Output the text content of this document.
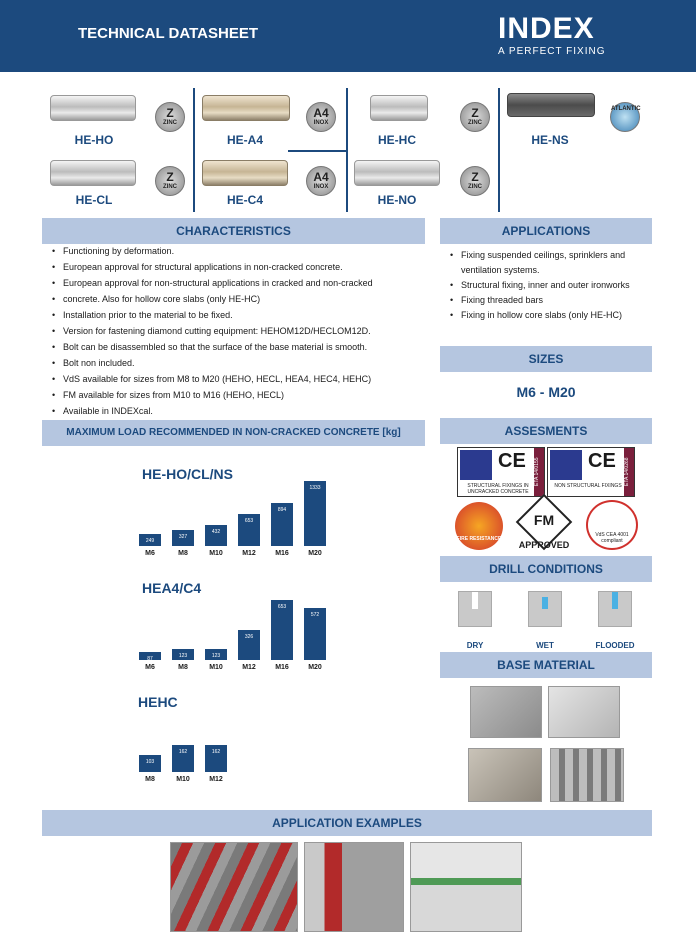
TECHNICAL DATASHEET	INDEX
A PERFECT FIXING
Z
ZINC
HE-HO
A4
INOX
HE-A4
Z
ZINC
HE-HC
ATLANTIC
HE-NS
Z
ZINC
HE-CL
A4
INOX
HE-C4
Z
ZINC
HE-NO
CHARACTERISTICS
• Functioning by deformation.
• European approval for structural applications in non-cracked concrete.
• European approval for non-structural applications in cracked and non-cracked
• concrete. Also for hollow core slabs (only HE-HC)
• Installation prior to the material to be fixed.
• Version for fastening diamond cutting equipment: HEHOM12D/HECLOM12D.
• Bolt can be disassembled so that the surface of the base material is smooth.
• Bolt non included.
• VdS available for sizes from M8 to M20 (HEHO, HECL, HEA4, HEC4, HEHC)
• FM available for sizes from M10 to M16 (HEHO, HECL)
• Available in INDEXcal.
APPLICATIONS
• Fixing suspended ceilings, sprinklers and ventilation systems.
• Structural fixing, inner and outer ironworks
• Fixing threaded bars
• Fixing in hollow core slabs (only HE-HC)
SIZES
M6 - M20
MAXIMUM LOAD RECOMMENDED IN NON-CRACKED CONCRETE [kg]
HE-HO/CL/NS
249
M6
327
M8
432
M10
653
M12
894
M16
1333
M20
HEA4/C4
87
M6
123
M8
123
M10
326
M12
653
M16
572
M20
HEHC
103
M8
162
M10
162
M12
ASSESMENTS
CE
STRUCTURAL FIXINGS IN UNCRACKED CONCRETE
ETA 14/0155 CE
NON STRUCTURAL FIXINGS ETA 14/0268
FIRE RESISTANCE
FM
APPROVED
VdS CEA 4001 compliant
DRILL CONDITIONS
DRY	WET	FLOODED
BASE MATERIAL
APPLICATION EXAMPLES
